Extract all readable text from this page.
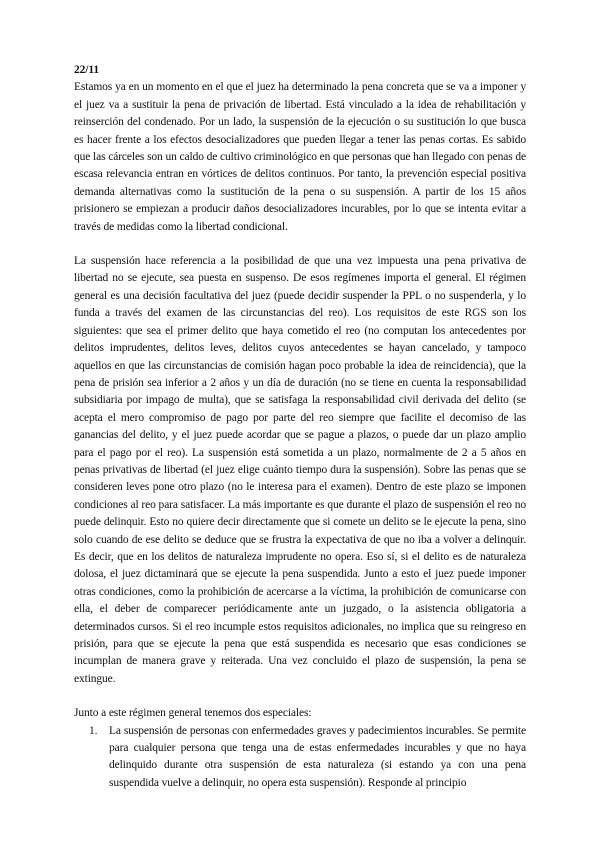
22/11

Estamos ya en un momento en el que el juez ha determinado la pena concreta que se va a imponer y el juez va a sustituir la pena de privación de libertad. Está vinculado a la idea de rehabilitación y reinserción del condenado. Por un lado, la suspensión de la ejecución o su sustitución lo que busca es hacer frente a los efectos desocializadores que pueden llegar a tener las penas cortas. Es sabido que las cárceles son un caldo de cultivo criminológico en que personas que han llegado con penas de escasa relevancia entran en vórtices de delitos continuos. Por tanto, la prevención especial positiva demanda alternativas como la sustitución de la pena o su suspensión. A partir de los 15 años prisionero se empiezan a producir daños desocializadores incurables, por lo que se intenta evitar a través de medidas como la libertad condicional.

La suspensión hace referencia a la posibilidad de que una vez impuesta una pena privativa de libertad no se ejecute, sea puesta en suspenso. De esos regímenes importa el general. El régimen general es una decisión facultativa del juez (puede decidir suspender la PPL o no suspenderla, y lo funda a través del examen de las circunstancias del reo). Los requisitos de este RGS son los siguientes: que sea el primer delito que haya cometido el reo (no computan los antecedentes por delitos imprudentes, delitos leves, delitos cuyos antecedentes se hayan cancelado, y tampoco aquellos en que las circunstancias de comisión hagan poco probable la idea de reincidencia), que la pena de prisión sea inferior a 2 años y un día de duración (no se tiene en cuenta la responsabilidad subsidiaria por impago de multa), que se satisfaga la responsabilidad civil derivada del delito (se acepta el mero compromiso de pago por parte del reo siempre que facilite el decomiso de las ganancias del delito, y el juez puede acordar que se pague a plazos, o puede dar un plazo amplio para el pago por el reo). La suspensión está sometida a un plazo, normalmente de 2 a 5 años en penas privativas de libertad (el juez elige cuánto tiempo dura la suspensión). Sobre las penas que se consideren leves pone otro plazo (no le interesa para el examen). Dentro de este plazo se imponen condiciones al reo para satisfacer. La más importante es que durante el plazo de suspensión el reo no puede delinquir. Esto no quiere decir directamente que si comete un delito se le ejecute la pena, sino solo cuando de ese delito se deduce que se frustra la expectativa de que no iba a volver a delinquir. Es decir, que en los delitos de naturaleza imprudente no opera. Eso sí, si el delito es de naturaleza dolosa, el juez dictaminará que se ejecute la pena suspendida. Junto a esto el juez puede imponer otras condiciones, como la prohibición de acercarse a la víctima, la prohibición de comunicarse con ella, el deber de comparecer periódicamente ante un juzgado, o la asistencia obligatoria a determinados cursos. Si el reo incumple estos requisitos adicionales, no implica que su reingreso en prisión, para que se ejecute la pena que está suspendida es necesario que esas condiciones se incumplan de manera grave y reiterada. Una vez concluido el plazo de suspensión, la pena se extingue.

Junto a este régimen general tenemos dos especiales:

1. La suspensión de personas con enfermedades graves y padecimientos incurables. Se permite para cualquier persona que tenga una de estas enfermedades incurables y que no haya delinquido durante otra suspensión de esta naturaleza (si estando ya con una pena suspendida vuelve a delinquir, no opera esta suspensión). Responde al principio
